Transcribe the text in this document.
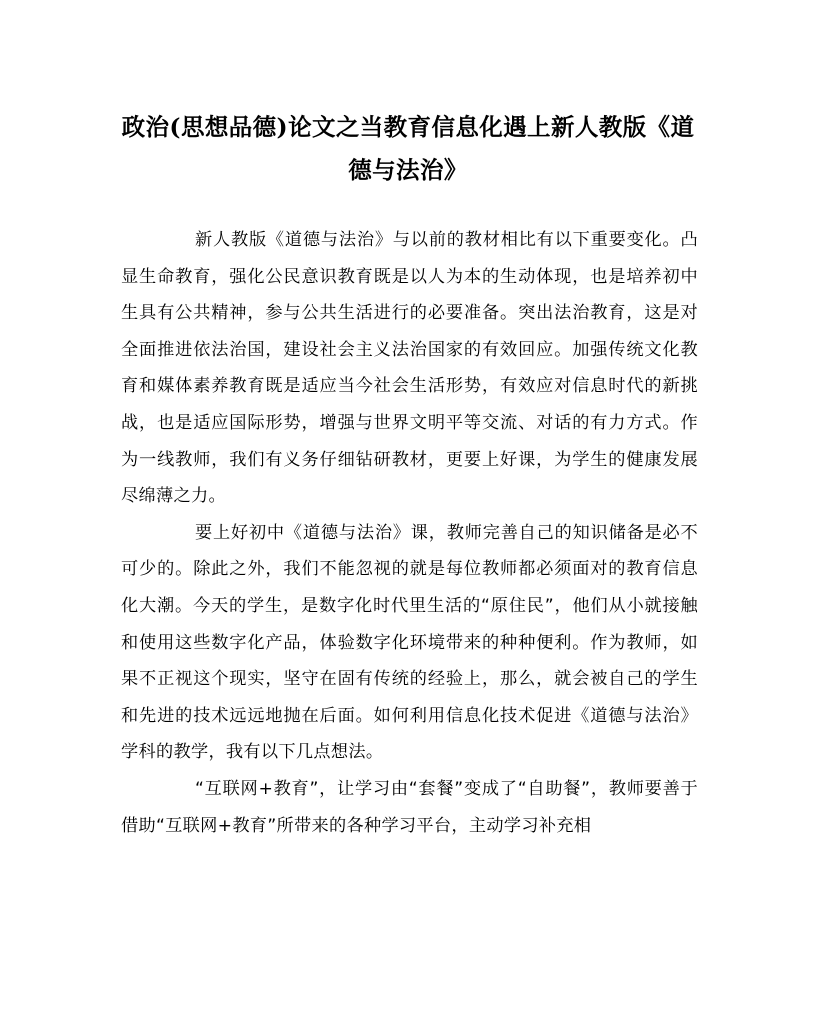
政治(思想品德)论文之当教育信息化遇上新人教版《道德与法治》

新人教版《道德与法治》与以前的教材相比有以下重要变化。凸显生命教育，强化公民意识教育既是以人为本的生动体现，也是培养初中生具有公共精神，参与公共生活进行的必要准备。突出法治教育，这是对全面推进依法治国，建设社会主义法治国家的有效回应。加强传统文化教育和媒体素养教育既是适应当今社会生活形势，有效应对信息时代的新挑战，也是适应国际形势，增强与世界文明平等交流、对话的有力方式。作为一线教师，我们有义务仔细钻研教材，更要上好课，为学生的健康发展尽绵薄之力。

要上好初中《道德与法治》课，教师完善自己的知识储备是必不可少的。除此之外，我们不能忽视的就是每位教师都必须面对的教育信息化大潮。今天的学生，是数字化时代里生活的“原住民”，他们从小就接触和使用这些数字化产品，体验数字化环境带来的种种便利。作为教师，如果不正视这个现实，坚守在固有传统的经验上，那么，就会被自己的学生和先进的技术远远地抛在后面。如何利用信息化技术促进《道德与法治》学科的教学，我有以下几点想法。

“互联网+教育”，让学习由“套餐”变成了“自助餐”，教师要善于借助“互联网+教育”所带来的各种学习平台，主动学习补充相
